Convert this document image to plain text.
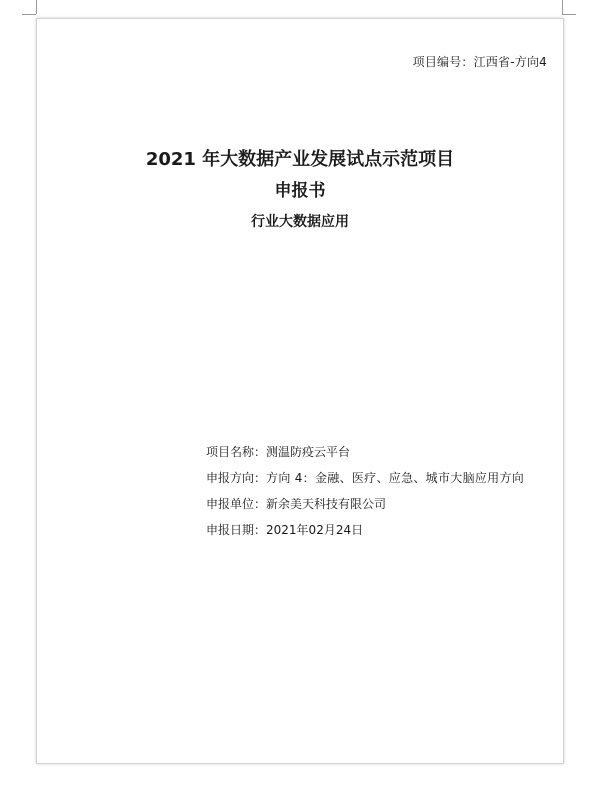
项目编号：江西省-方向4
2021 年大数据产业发展试点示范项目
申报书
行业大数据应用
项目名称： 测温防疫云平台
申报方向： 方向 4：金融、医疗、应急、城市大脑应用方向
申报单位： 新余美天科技有限公司
申报日期： 2021年02月24日
